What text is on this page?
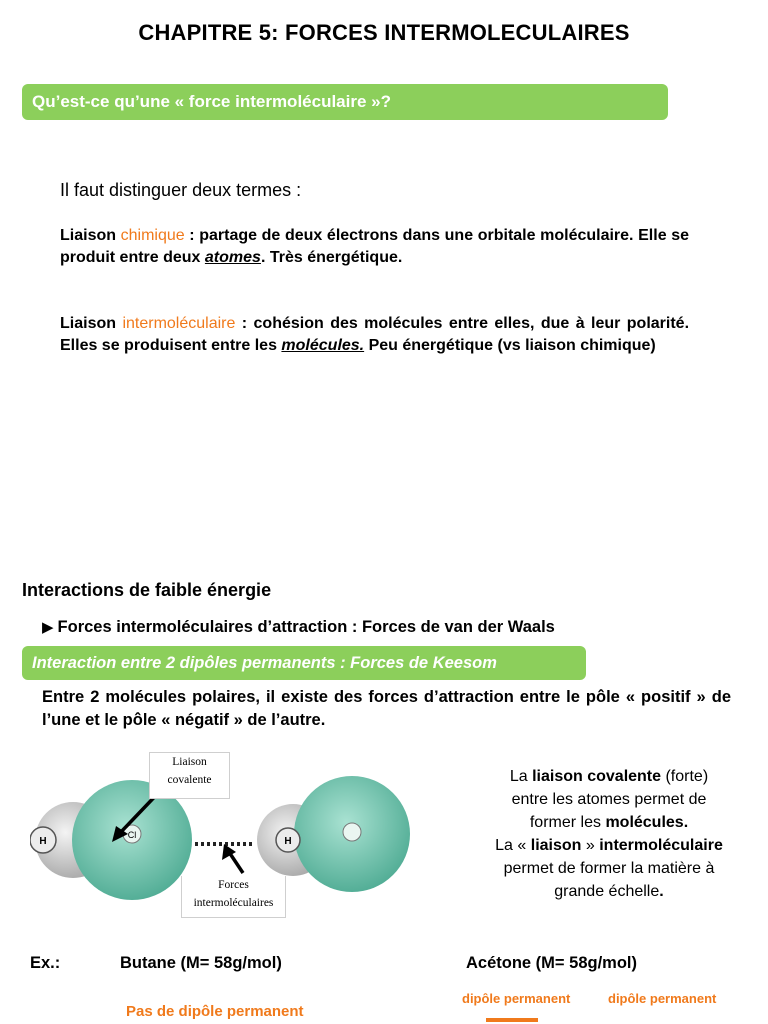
CHAPITRE 5: FORCES INTERMOLECULAIRES
Qu’est-ce qu’une « force intermoléculaire »?
Il faut distinguer deux termes :
Liaison chimique : partage de deux électrons dans une orbitale moléculaire. Elle se produit entre deux atomes. Très énergétique.
Liaison intermoléculaire : cohésion des molécules entre elles, due à leur polarité. Elles se produisent entre les molécules. Peu énergétique (vs liaison chimique)
Interactions de faible énergie
▶ Forces intermoléculaires d’attraction : Forces de van der Waals
Interaction entre 2 dipôles permanents : Forces de Keesom
Entre 2 molécules polaires, il existe des forces d’attraction entre le pôle « positif » de l’une et le pôle « négatif » de l’autre.
H
Cl
H
Liaison
covalente
Forces
intermoléculaires
La liaison covalente (forte)
entre les atomes permet de
former les molécules.
La « liaison » intermoléculaire
permet de former la matière à
grande échelle.
Ex.:	Butane (M= 58g/mol)	Acétone (M= 58g/mol)
Pas de dipôle permanent
dipôle permanent	dipôle permanent
